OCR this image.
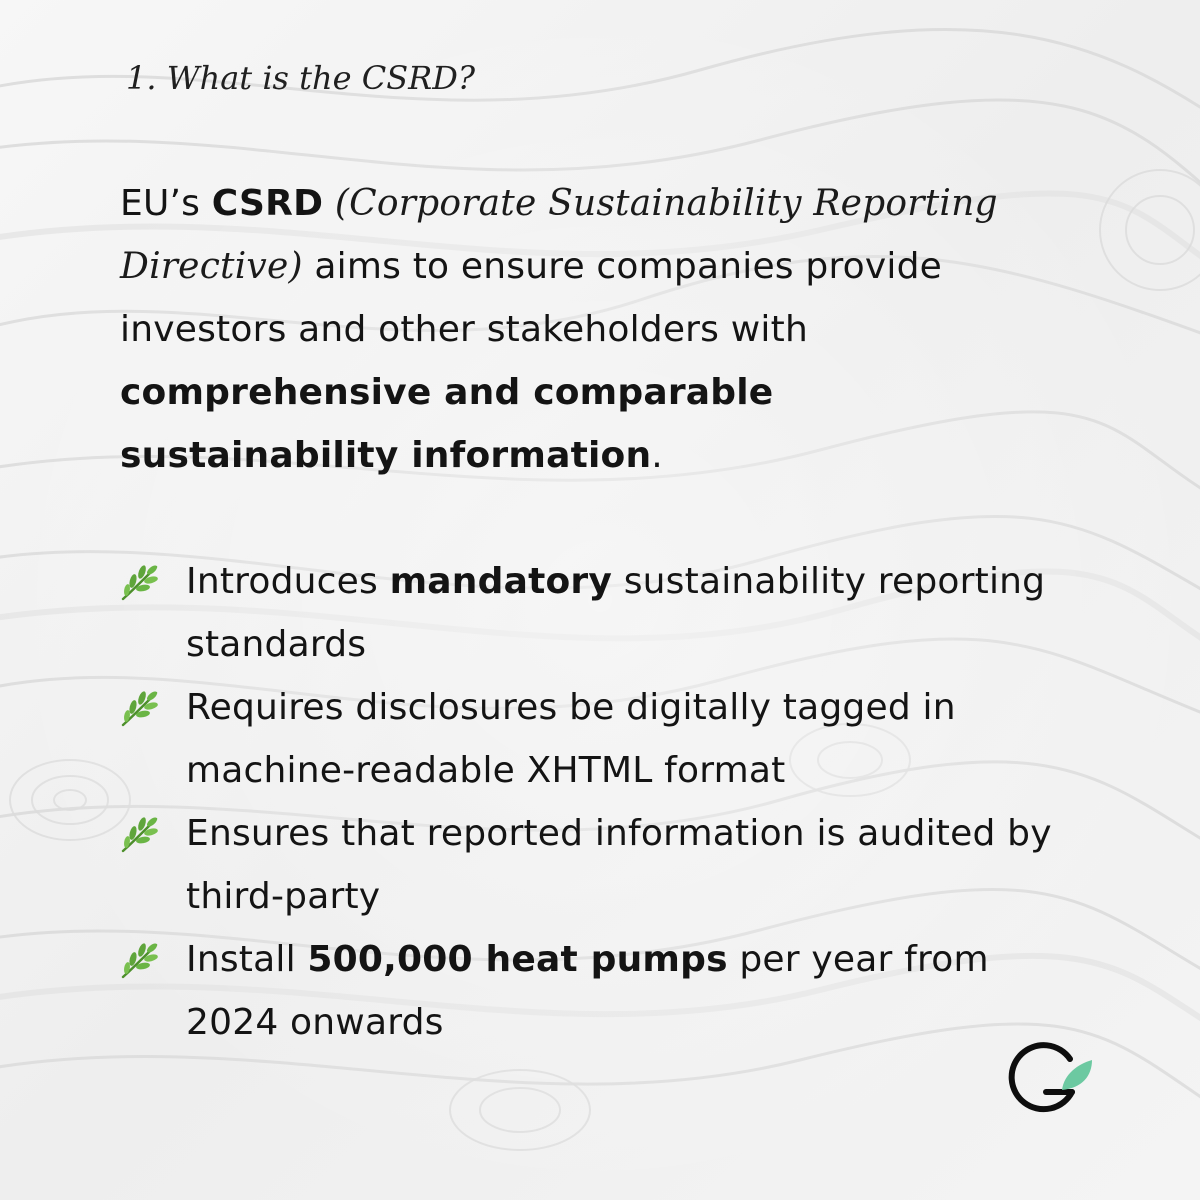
1. What is the CSRD?

EU’s CSRD (Corporate Sustainability Reporting Directive) aims to ensure companies provide investors and other stakeholders with comprehensive and comparable sustainability information.

Introduces mandatory sustainability reporting standards
Requires disclosures be digitally tagged in machine-readable XHTML format
Ensures that reported information is audited by third-party
Install 500,000 heat pumps per year from 2024 onwards
